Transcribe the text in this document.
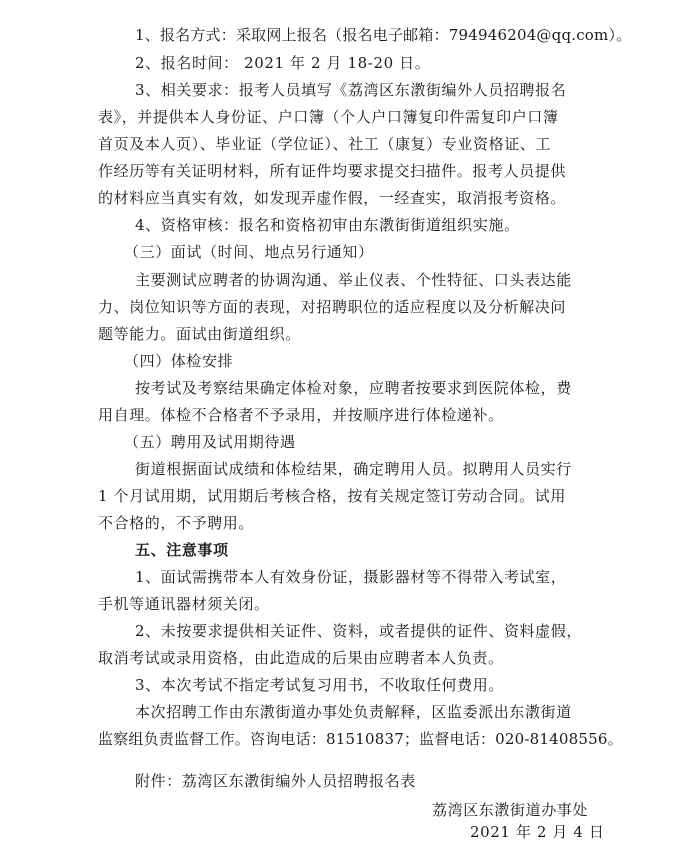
1、报名方式：采取网上报名（报名电子邮箱：794946204@qq.com）。
2、报名时间： 2021 年 2 月 18-20 日。
3、相关要求：报考人员填写《荔湾区东漖街编外人员招聘报名
表》，并提供本人身份证、户口簿（个人户口簿复印件需复印户口簿
首页及本人页）、毕业证（学位证）、社工（康复）专业资格证、工
作经历等有关证明材料，所有证件均要求提交扫描件。报考人员提供
的材料应当真实有效，如发现弄虚作假，一经查实，取消报考资格。
4、资格审核：报名和资格初审由东漖街街道组织实施。
（三）面试（时间、地点另行通知）
主要测试应聘者的协调沟通、举止仪表、个性特征、口头表达能
力、岗位知识等方面的表现，对招聘职位的适应程度以及分析解决问
题等能力。面试由街道组织。
（四）体检安排
按考试及考察结果确定体检对象，应聘者按要求到医院体检，费
用自理。体检不合格者不予录用，并按顺序进行体检递补。
（五）聘用及试用期待遇
街道根据面试成绩和体检结果，确定聘用人员。拟聘用人员实行
1 个月试用期，试用期后考核合格，按有关规定签订劳动合同。试用
不合格的，不予聘用。
五、注意事项
1、面试需携带本人有效身份证，摄影器材等不得带入考试室，
手机等通讯器材须关闭。
2、未按要求提供相关证件、资料，或者提供的证件、资料虚假，
取消考试或录用资格，由此造成的后果由应聘者本人负责。
3、本次考试不指定考试复习用书，不收取任何费用。
本次招聘工作由东漖街道办事处负责解释，区监委派出东漖街道
监察组负责监督工作。咨询电话：81510837；监督电话：020-81408556。
附件：荔湾区东漖街编外人员招聘报名表
荔湾区东漖街道办事处
2021 年 2 月 4 日
